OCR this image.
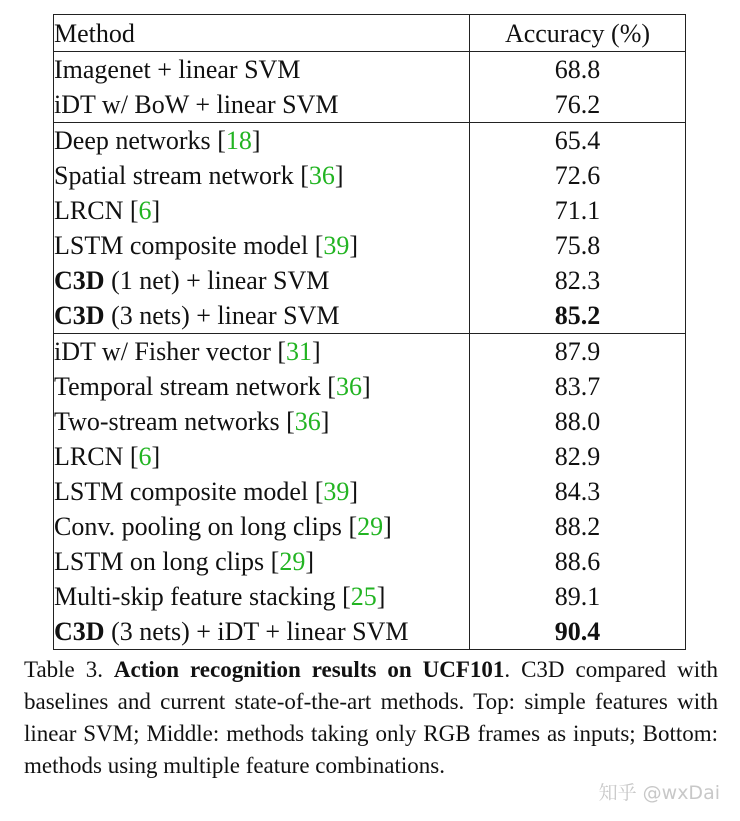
Method	Accuracy (%)
Imagenet + linear SVM	68.8
iDT w/ BoW + linear SVM	76.2
Deep networks [18]	65.4
Spatial stream network [36]	72.6
LRCN [6]	71.1
LSTM composite model [39]	75.8
C3D (1 net) + linear SVM	82.3
C3D (3 nets) + linear SVM	85.2
iDT w/ Fisher vector [31]	87.9
Temporal stream network [36]	83.7
Two-stream networks [36]	88.0
LRCN [6]	82.9
LSTM composite model [39]	84.3
Conv. pooling on long clips [29]	88.2
LSTM on long clips [29]	88.6
Multi-skip feature stacking [25]	89.1
C3D (3 nets) + iDT + linear SVM	90.4

Table 3. Action recognition results on UCF101. C3D compared with baselines and current state-of-the-art methods. Top: simple features with linear SVM; Middle: methods taking only RGB frames as inputs; Bottom: methods using multiple feature combinations.

知乎 @wxDai
